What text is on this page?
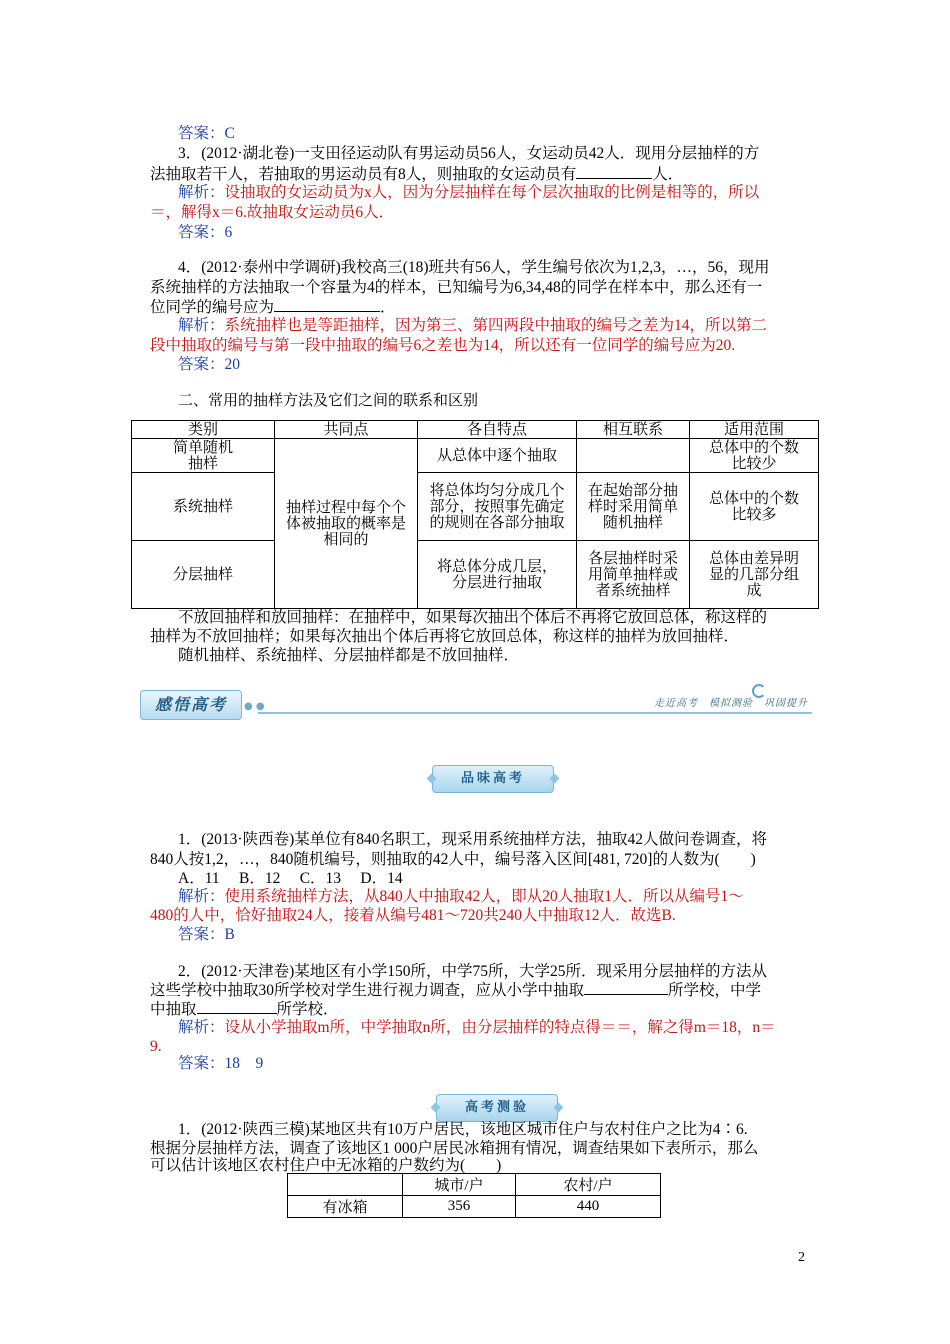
答案：C
3．(2012·湖北卷)一支田径运动队有男运动员56人，女运动员42人．现用分层抽样的方
法抽取若干人，若抽取的男运动员有8人，则抽取的女运动员有	人．
解析：设抽取的女运动员为x人，因为分层抽样在每个层次抽取的比例是相等的，所以
＝，解得x＝6.故抽取女运动员6人．
答案：6
4．(2012·泰州中学调研)我校高三(18)班共有56人，学生编号依次为1,2,3，…，56，现用
系统抽样的方法抽取一个容量为4的样本，已知编号为6,34,48的同学在样本中，那么还有一
位同学的编号应为	．
解析：系统抽样也是等距抽样，因为第三、第四两段中抽取的编号之差为14，所以第二
段中抽取的编号与第一段中抽取的编号6之差也为14，所以还有一位同学的编号应为20.
答案：20
二、常用的抽样方法及它们之间的联系和区别
类别	共同点	各自特点	相互联系	适用范围

简单随机抽样	抽样过程中每个个体被抽取的概率是相同的	从总体中逐个抽取		总体中的个数比较少

系统抽样		将总体均匀分成几个部分，按照事先确定的规则在各部分抽取	在起始部分抽样时采用简单随机抽样	总体中的个数比较多

分层抽样		将总体分成几层，分层进行抽取	各层抽样时采用简单抽样或者系统抽样	总体由差异明显的几部分组成
不放回抽样和放回抽样：在抽样中，如果每次抽出个体后不再将它放回总体，称这样的
抽样为不放回抽样；如果每次抽出个体后再将它放回总体，称这样的抽样为放回抽样．
随机抽样、系统抽样、分层抽样都是不放回抽样．
感悟高考	● ●	走近高考　模拟测验　巩固提升
品味高考
1．(2013·陕西卷)某单位有840名职工，现采用系统抽样方法，抽取42人做问卷调查，将
840人按1,2，…，840随机编号，则抽取的42人中，编号落入区间[481, 720]的人数为(　　)
A．11　 B．12　 C．13　 D．14
解析：使用系统抽样方法，从840人中抽取42人，即从20人抽取1人．所以从编号1～
480的人中，恰好抽取24人，接着从编号481～720共240人中抽取12人．故选B.
答案：B
2．(2012·天津卷)某地区有小学150所，中学75所，大学25所．现采用分层抽样的方法从
这些学校中抽取30所学校对学生进行视力调查，应从小学中抽取	所学校，中学
中抽取	所学校．
解析：设从小学抽取m所，中学抽取n所，由分层抽样的特点得＝＝，解之得m＝18，n＝
9.
答案：18　9
高考测验
1．(2012·陕西三模)某地区共有10万户居民，该地区城市住户与农村住户之比为4∶6.
根据分层抽样方法，调查了该地区1 000户居民冰箱拥有情况，调查结果如下表所示，那么
可以估计该地区农村住户中无冰箱的户数约为(　　)
	城市/户	农村/户
有冰箱	356	440
2
